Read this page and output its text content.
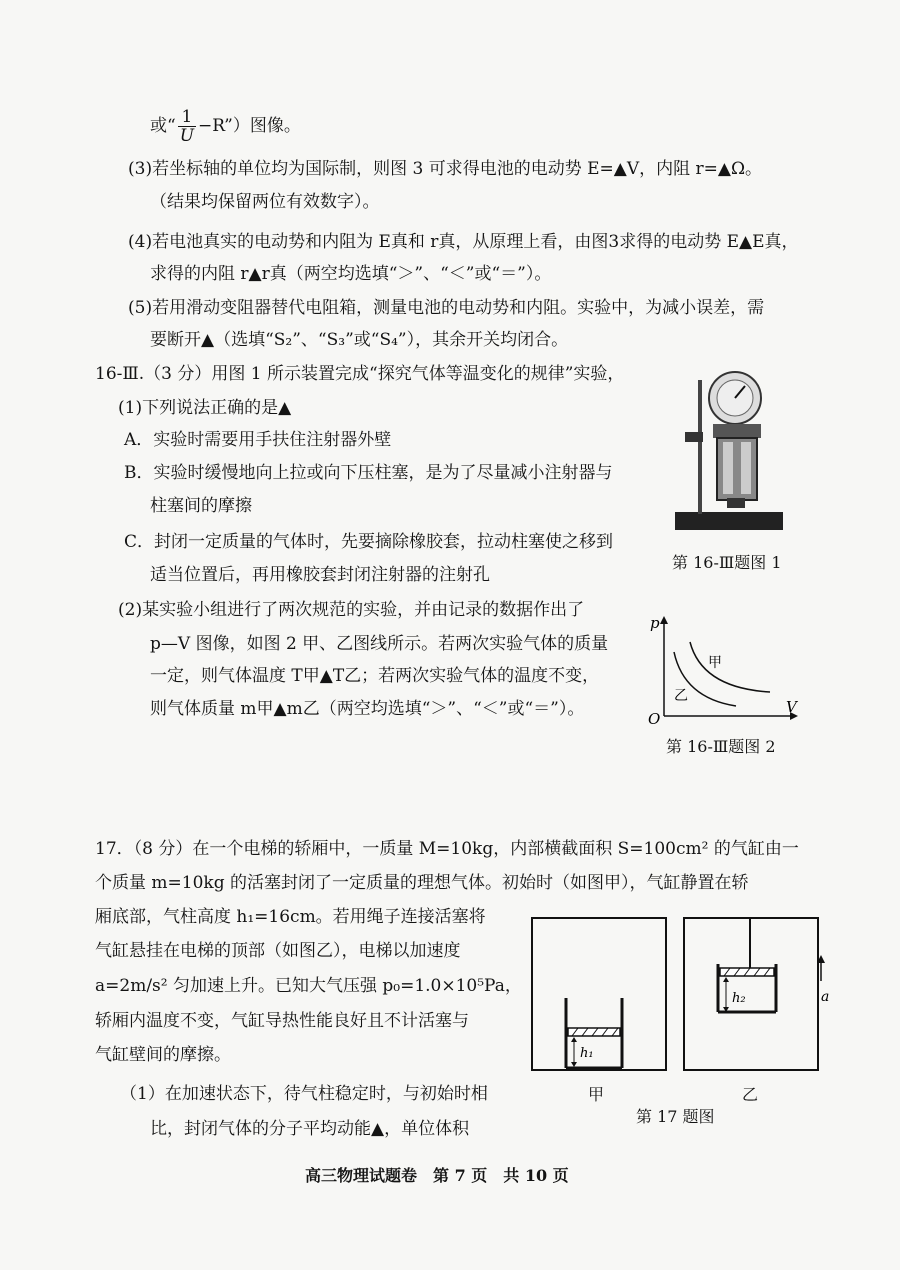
或“ $\frac{1}{U}$ −R”）图像。
(3)若坐标轴的单位均为国际制，则图 3 可求得电池的电动势 E=▲V，内阻 r=▲Ω。
（结果均保留两位有效数字）。
(4)若电池真实的电动势和内阻为 E真和 r真，从原理上看，由图3求得的电动势 E▲E真，
求得的内阻 r▲r真（两空均选填“＞”、“＜”或“＝”）。
(5)若用滑动变阻器替代电阻箱，测量电池的电动势和内阻。实验中，为减小误差，需
要断开▲（选填“S₂”、“S₃”或“S₄”），其余开关均闭合。
16-Ⅲ.（3 分）用图 1 所示装置完成“探究气体等温变化的规律”实验，
(1)下列说法正确的是▲
A．实验时需要用手扶住注射器外壁
B．实验时缓慢地向上拉或向下压柱塞，是为了尽量减小注射器与
柱塞间的摩擦
C．封闭一定质量的气体时，先要摘除橡胶套，拉动柱塞使之移到
适当位置后，再用橡胶套封闭注射器的注射孔
(2)某实验小组进行了两次规范的实验，并由记录的数据作出了
p—V 图像，如图 2 甲、乙图线所示。若两次实验气体的质量
一定，则气体温度 T甲▲T乙；若两次实验气体的温度不变，
则气体质量 m甲▲m乙（两空均选填“＞”、“＜”或“＝”）。
第 16-Ⅲ题图 1
p
V
O
甲
乙
第 16-Ⅲ题图 2
17．（8 分）在一个电梯的轿厢中，一质量 M=10kg，内部横截面积 S=100cm² 的气缸由一
个质量 m=10kg 的活塞封闭了一定质量的理想气体。初始时（如图甲），气缸静置在轿
厢底部，气柱高度 h₁=16cm。若用绳子连接活塞将
气缸悬挂在电梯的顶部（如图乙），电梯以加速度
a=2m/s² 匀加速上升。已知大气压强 p₀=1.0×10⁵Pa，
轿厢内温度不变，气缸导热性能良好且不计活塞与
气缸壁间的摩擦。
（1）在加速状态下，待气柱稳定时，与初始时相
比，封闭气体的分子平均动能▲，单位体积
h₁
h₂	a
甲	乙
第 17 题图
高三物理试题卷　第 7 页　共 10 页
